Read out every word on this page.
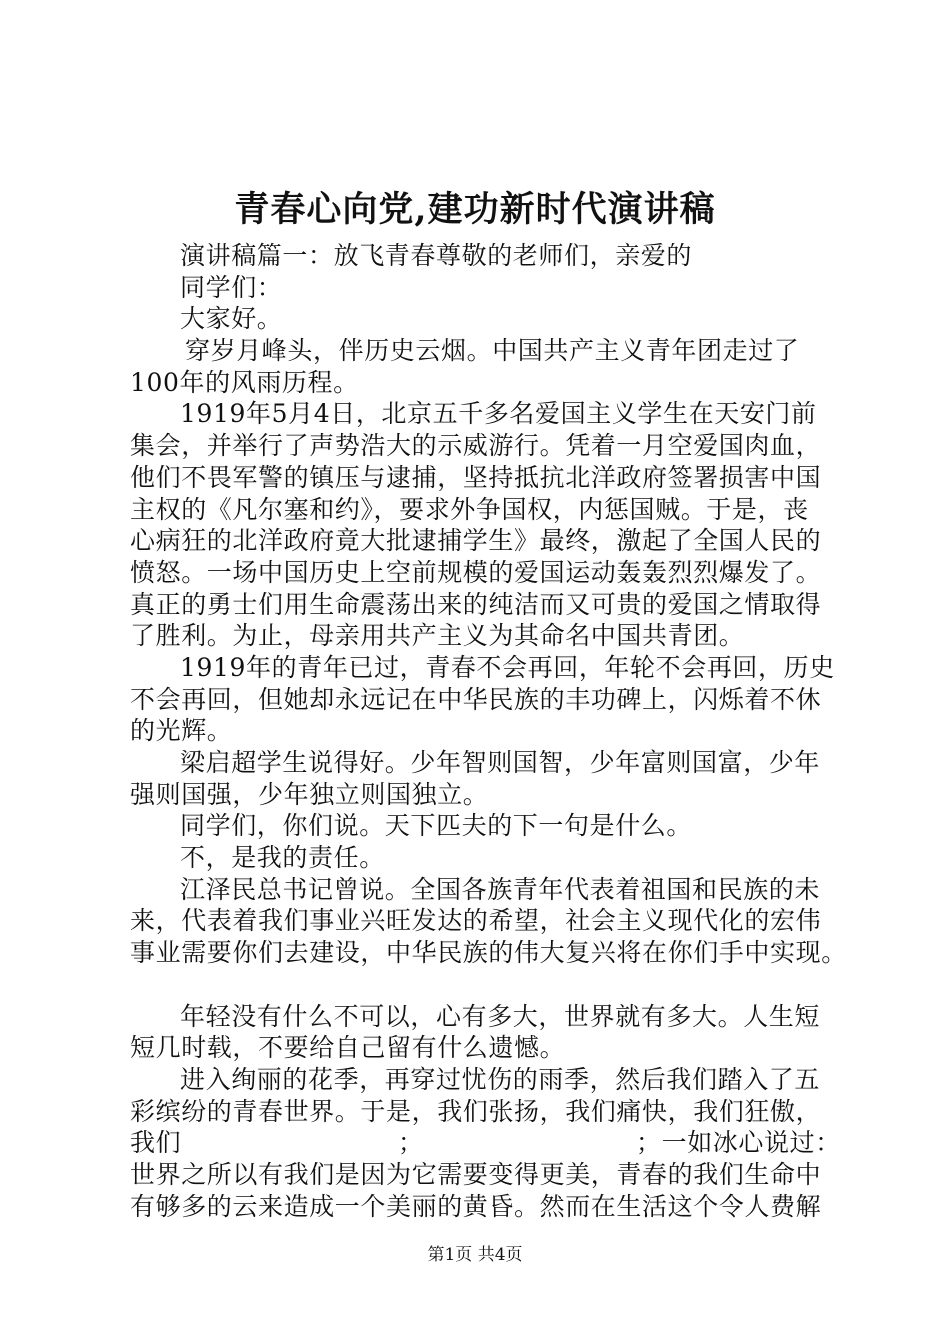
青春心向党,建功新时代演讲稿
演讲稿篇一：放飞青春尊敬的老师们，亲爱的
同学们：
大家好。
穿岁月峰头，伴历史云烟。中国共产主义青年团走过了
100年的风雨历程。
1919年5月4日，北京五千多名爱国主义学生在天安门前
集会，并举行了声势浩大的示威游行。凭着一月空爱国肉血，
他们不畏军警的镇压与逮捕，坚持抵抗北洋政府签署损害中国
主权的《凡尔塞和约》，要求外争国权，内惩国贼。于是，丧
心病狂的北洋政府竟大批逮捕学生》最终，激起了全国人民的
愤怒。一场中国历史上空前规模的爱国运动轰轰烈烈爆发了。
真正的勇士们用生命震荡出来的纯洁而又可贵的爱国之情取得
了胜利。为止，母亲用共产主义为其命名中国共青团。
1919年的青年已过，青春不会再回，年轮不会再回，历史
不会再回，但她却永远记在中华民族的丰功碑上，闪烁着不休
的光辉。
梁启超学生说得好。少年智则国智，少年富则国富，少年
强则国强，少年独立则国独立。
同学们，你们说。天下匹夫的下一句是什么。
不，是我的责任。
江泽民总书记曾说。全国各族青年代表着祖国和民族的未
来，代表着我们事业兴旺发达的希望，社会主义现代化的宏伟
事业需要你们去建设，中华民族的伟大复兴将在你们手中实现。
年轻没有什么不可以，心有多大，世界就有多大。人生短
短几时载，不要给自己留有什么遗憾。
进入绚丽的花季，再穿过忧伤的雨季，然后我们踏入了五
彩缤纷的青春世界。于是，我们张扬，我们痛快，我们狂傲，
我们	；	；一如冰心说过：
世界之所以有我们是因为它需要变得更美，青春的我们生命中
有够多的云来造成一个美丽的黄昏。然而在生活这个令人费解
第1页 共4页
